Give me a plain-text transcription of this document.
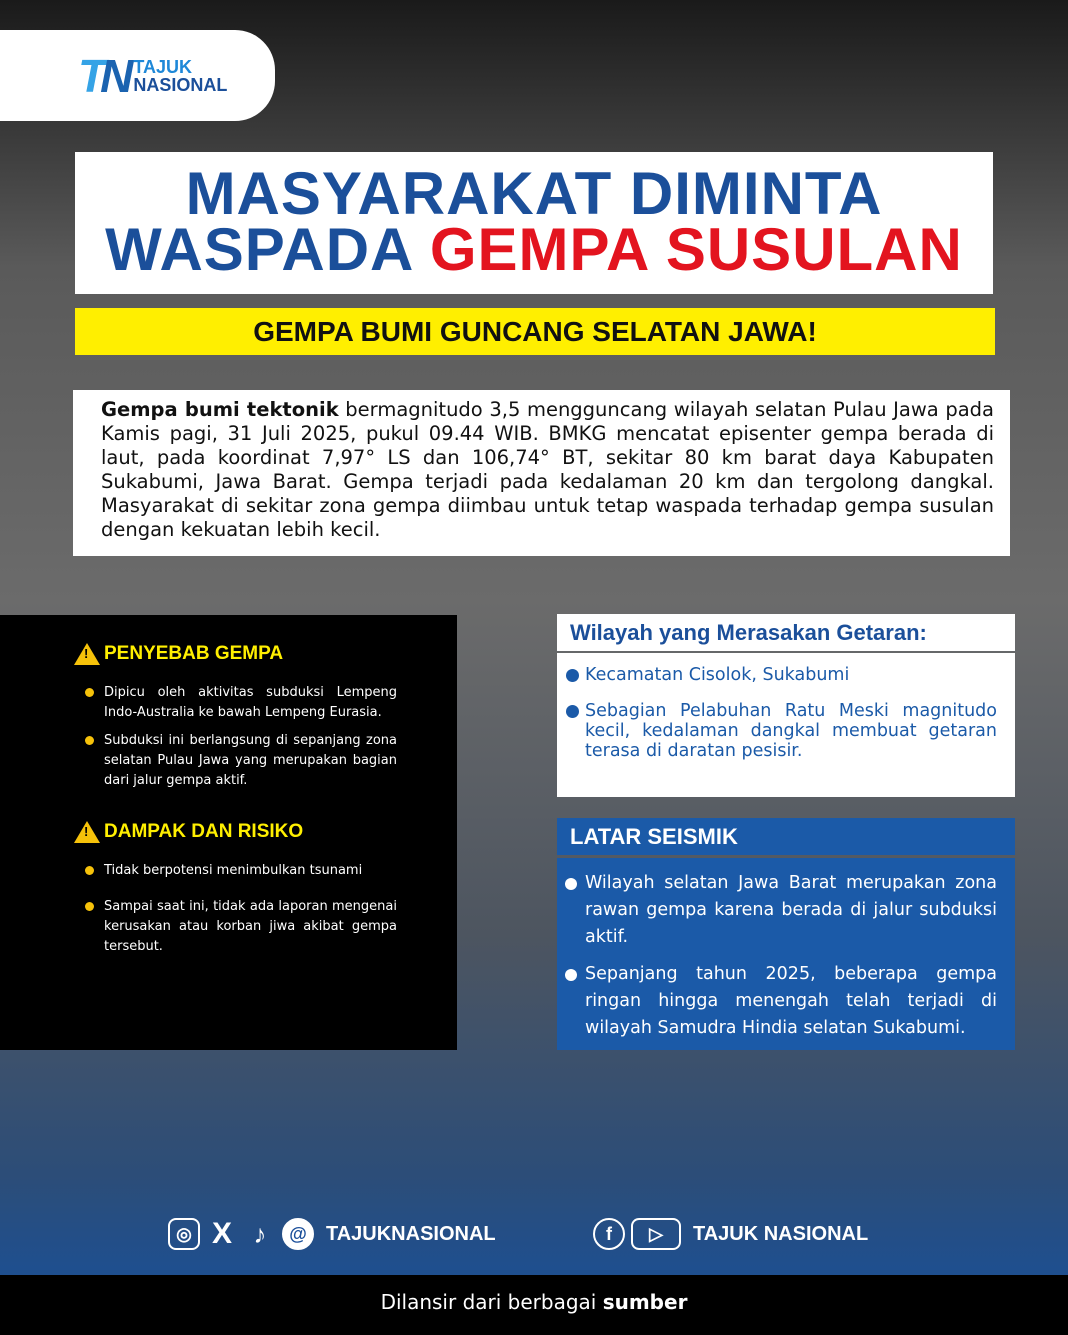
TN TAJUK
NASIONAL
MASYARAKAT DIMINTA
WASPADA GEMPA SUSULAN
GEMPA BUMI GUNCANG SELATAN JAWA!
Gempa bumi tektonik bermagnitudo 3,5 mengguncang wilayah selatan Pulau Jawa pada Kamis pagi, 31 Juli 2025, pukul 09.44 WIB. BMKG mencatat episenter gempa berada di laut, pada koordinat 7,97° LS dan 106,74° BT, sekitar 80 km barat daya Kabupaten Sukabumi, Jawa Barat. Gempa terjadi pada kedalaman 20 km dan tergolong dangkal. Masyarakat di sekitar zona gempa diimbau untuk tetap waspada terhadap gempa susulan dengan kekuatan lebih kecil.
!
PENYEBAB GEMPA
Dipicu oleh aktivitas subduksi Lempeng Indo-Australia ke bawah Lempeng Eurasia.
Subduksi ini berlangsung di sepanjang zona selatan Pulau Jawa yang merupakan bagian dari jalur gempa aktif.
!
DAMPAK DAN RISIKO
Tidak berpotensi menimbulkan tsunami
Sampai saat ini, tidak ada laporan mengenai kerusakan atau korban jiwa akibat gempa tersebut.
Wilayah yang Merasakan Getaran:
Kecamatan Cisolok, Sukabumi
Sebagian Pelabuhan Ratu Meski magnitudo kecil, kedalaman dangkal membuat getaran terasa di daratan pesisir.
LATAR SEISMIK
Wilayah selatan Jawa Barat merupakan zona rawan gempa karena berada di jalur subduksi aktif.
Sepanjang tahun 2025, beberapa gempa ringan hingga menengah telah terjadi di wilayah Samudra Hindia selatan Sukabumi.
◎ X ♪	@ TAJUKNASIONAL	f	▷	TAJUK NASIONAL
Dilansir dari berbagai sumber
